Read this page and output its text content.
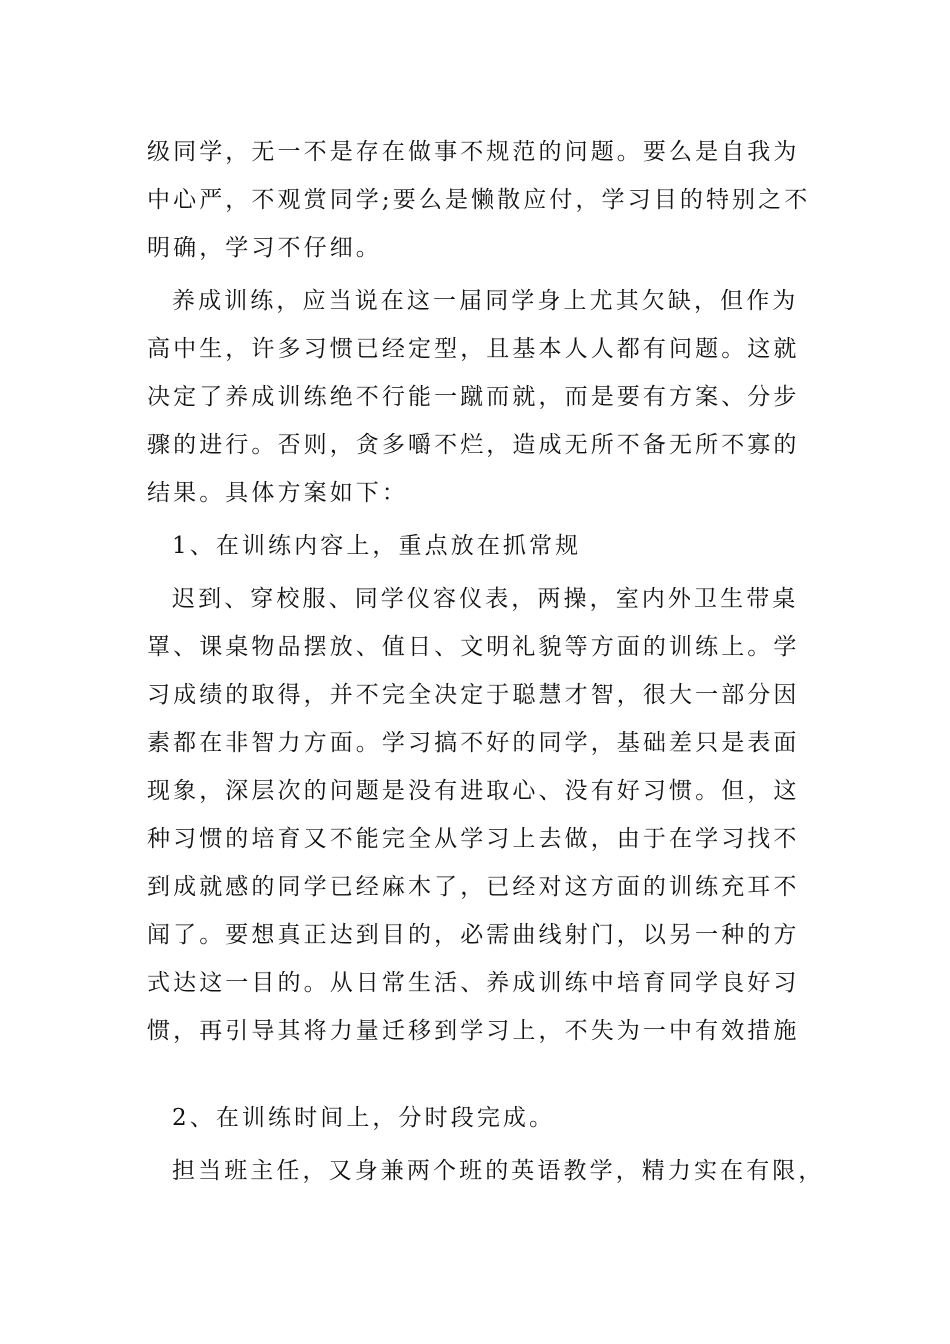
级同学，无一不是存在做事不规范的问题。要么是自我为
中心严，不观赏同学;要么是懒散应付，学习目的特别之不
明确，学习不仔细。
养成训练，应当说在这一届同学身上尤其欠缺，但作为
高中生，许多习惯已经定型，且基本人人都有问题。这就
决定了养成训练绝不行能一蹴而就，而是要有方案、分步
骤的进行。否则，贪多嚼不烂，造成无所不备无所不寡的
结果。具体方案如下：
1、在训练内容上，重点放在抓常规
迟到、穿校服、同学仪容仪表，两操，室内外卫生带桌
罩、课桌物品摆放、值日、文明礼貌等方面的训练上。学
习成绩的取得，并不完全决定于聪慧才智，很大一部分因
素都在非智力方面。学习搞不好的同学，基础差只是表面
现象，深层次的问题是没有进取心、没有好习惯。但，这
种习惯的培育又不能完全从学习上去做，由于在学习找不
到成就感的同学已经麻木了，已经对这方面的训练充耳不
闻了。要想真正达到目的，必需曲线射门，以另一种的方
式达这一目的。从日常生活、养成训练中培育同学良好习
惯，再引导其将力量迁移到学习上，不失为一中有效措施
2、在训练时间上，分时段完成。
担当班主任，又身兼两个班的英语教学，精力实在有限，
